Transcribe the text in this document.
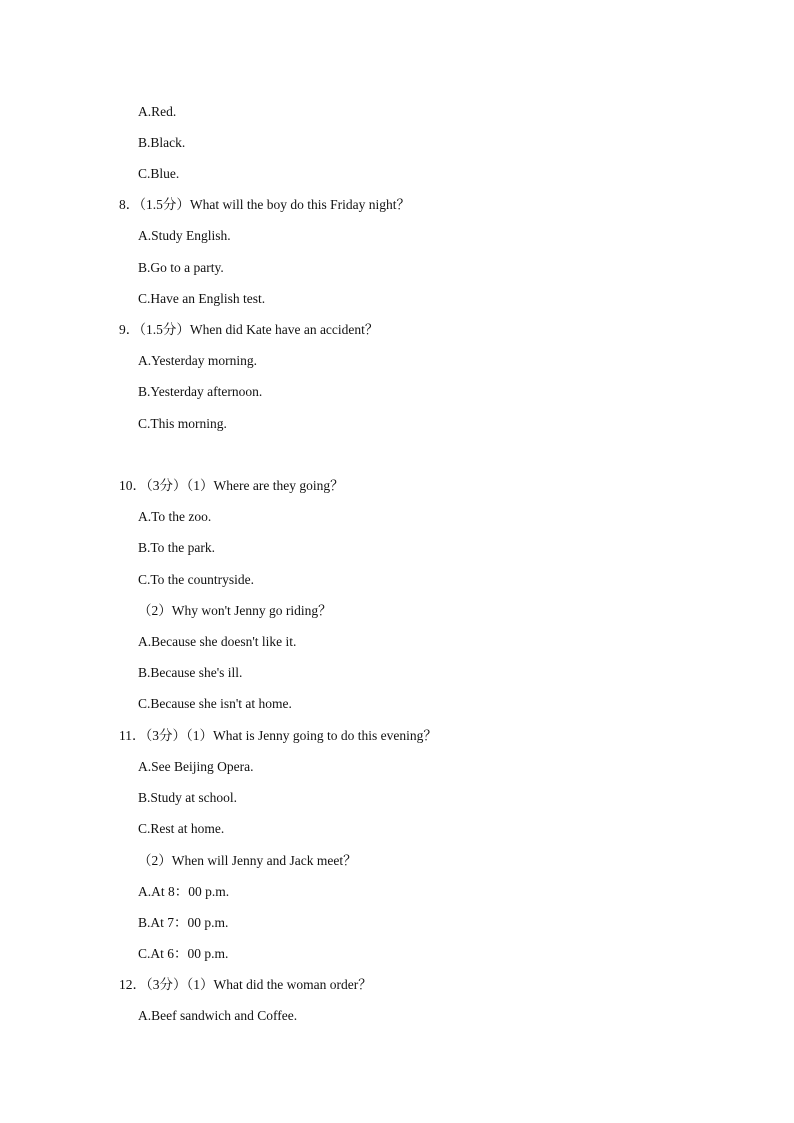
A.Red.
B.Black.
C.Blue.
8．（1.5分）What will the boy do this Friday night？
A.Study English.
B.Go to a party.
C.Have an English test.
9．（1.5分）When did Kate have an accident？
A.Yesterday morning.
B.Yesterday afternoon.
C.This morning.
10．（3分）（1）Where are they going？
A.To the zoo.
B.To the park.
C.To the countryside.
（2）Why won't Jenny go riding？
A.Because she doesn't like it.
B.Because she's ill.
C.Because she isn't at home.
11．（3分）（1）What is Jenny going to do this evening？
A.See Beijing Opera.
B.Study at school.
C.Rest at home.
（2）When will Jenny and Jack meet？
A.At 8：00 p.m.
B.At 7：00 p.m.
C.At 6：00 p.m.
12．（3分）（1）What did the woman order？
A.Beef sandwich and Coffee.
